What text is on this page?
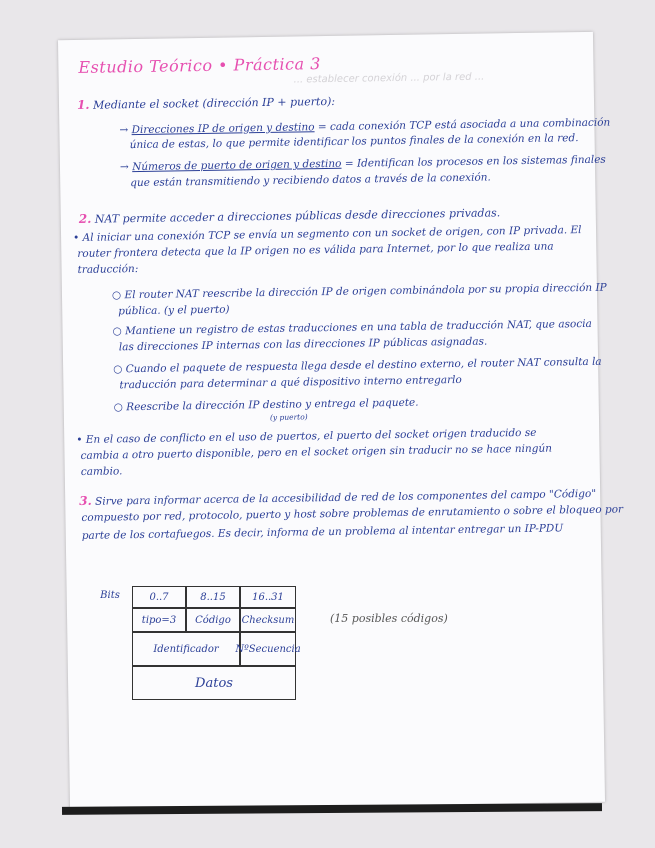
... establecer conexión ... por la red ...
Estudio Teórico • Práctica 3
1. Mediante el socket (dirección IP + puerto):
→ Direcciones IP de origen y destino = cada conexión TCP está asociada a una combinación
única de estas, lo que permite identificar los puntos finales de la conexión en la red.
→ Números de puerto de origen y destino = Identifican los procesos en los sistemas finales
que están transmitiendo y recibiendo datos a través de la conexión.
2. NAT permite acceder a direcciones públicas desde direcciones privadas.
• Al iniciar una conexión TCP se envía un segmento con un socket de origen, con IP privada. El
router frontera detecta que la IP origen no es válida para Internet, por lo que realiza una
traducción:
○ El router NAT reescribe la dirección IP de origen combinándola por su propia dirección IP
pública. (y el puerto)
○ Mantiene un registro de estas traducciones en una tabla de traducción NAT, que asocia
las direcciones IP internas con las direcciones IP públicas asignadas.
○ Cuando el paquete de respuesta llega desde el destino externo, el router NAT consulta la
traducción para determinar a qué dispositivo interno entregarlo
○ Reescribe la dirección IP destino y entrega el paquete.
(y puerto)
• En el caso de conflicto en el uso de puertos, el puerto del socket origen traducido se
cambia a otro puerto disponible, pero en el socket origen sin traducir no se hace ningún
cambio.
3. Sirve para informar acerca de la accesibilidad de red de los componentes del campo "Código"
compuesto por red, protocolo, puerto y host sobre problemas de enrutamiento o sobre el bloqueo por
parte de los cortafuegos. Es decir, informa de un problema al intentar entregar un IP-PDU
Bits	0..7	8..15	16..31
tipo=3	Código	Checksum
Identificador	NºSecuencia
Datos
(15 posibles códigos)
